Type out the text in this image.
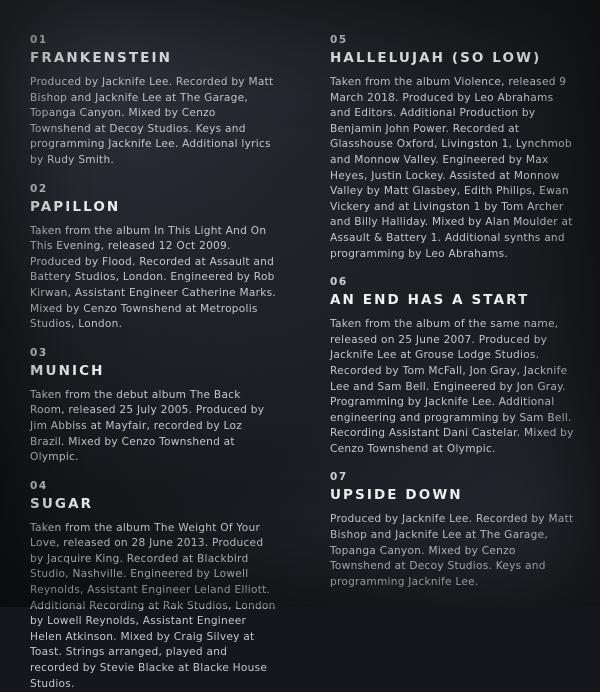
01
FRANKENSTEIN
Produced by Jacknife Lee. Recorded by Matt Bishop and Jacknife Lee at The Garage, Topanga Canyon. Mixed by Cenzo Townshend at Decoy Studios. Keys and programming Jacknife Lee. Additional lyrics by Rudy Smith.
02
PAPILLON
Taken from the album In This Light And On This Evening, released 12 Oct 2009. Produced by Flood. Recorded at Assault and Battery Studios, London. Engineered by Rob Kirwan, Assistant Engineer Catherine Marks. Mixed by Cenzo Townshend at Metropolis Studios, London.
03
MUNICH
Taken from the debut album The Back Room, released 25 July 2005. Produced by Jim Abbiss at Mayfair, recorded by Loz Brazil. Mixed by Cenzo Townshend at Olympic.
04
SUGAR
Taken from the album The Weight Of Your Love, released on 28 June 2013. Produced by Jacquire King. Recorded at Blackbird Studio, Nashville. Engineered by Lowell Reynolds, Assistant Engineer Leland Elliott. Additional Recording at Rak Studios, London by Lowell Reynolds, Assistant Engineer Helen Atkinson. Mixed by Craig Silvey at Toast. Strings arranged, played and recorded by Stevie Blacke at Blacke House Studios.
05
HALLELUJAH (SO LOW)
Taken from the album Violence, released 9 March 2018. Produced by Leo Abrahams and Editors. Additional Production by Benjamin John Power. Recorded at Glasshouse Oxford, Livingston 1, Lynchmob and Monnow Valley. Engineered by Max Heyes, Justin Lockey. Assisted at Monnow Valley by Matt Glasbey, Edith Philips, Ewan Vickery and at Livingston 1 by Tom Archer and Billy Halliday. Mixed by Alan Moulder at Assault & Battery 1. Additional synths and programming by Leo Abrahams.
06
AN END HAS A START
Taken from the album of the same name, released on 25 June 2007. Produced by Jacknife Lee at Grouse Lodge Studios. Recorded by Tom McFall, Jon Gray, Jacknife Lee and Sam Bell. Engineered by Jon Gray. Programming by Jacknife Lee. Additional engineering and programming by Sam Bell. Recording Assistant Dani Castelar. Mixed by Cenzo Townshend at Olympic.
07
UPSIDE DOWN
Produced by Jacknife Lee. Recorded by Matt Bishop and Jacknife Lee at The Garage, Topanga Canyon. Mixed by Cenzo Townshend at Decoy Studios. Keys and programming Jacknife Lee.
